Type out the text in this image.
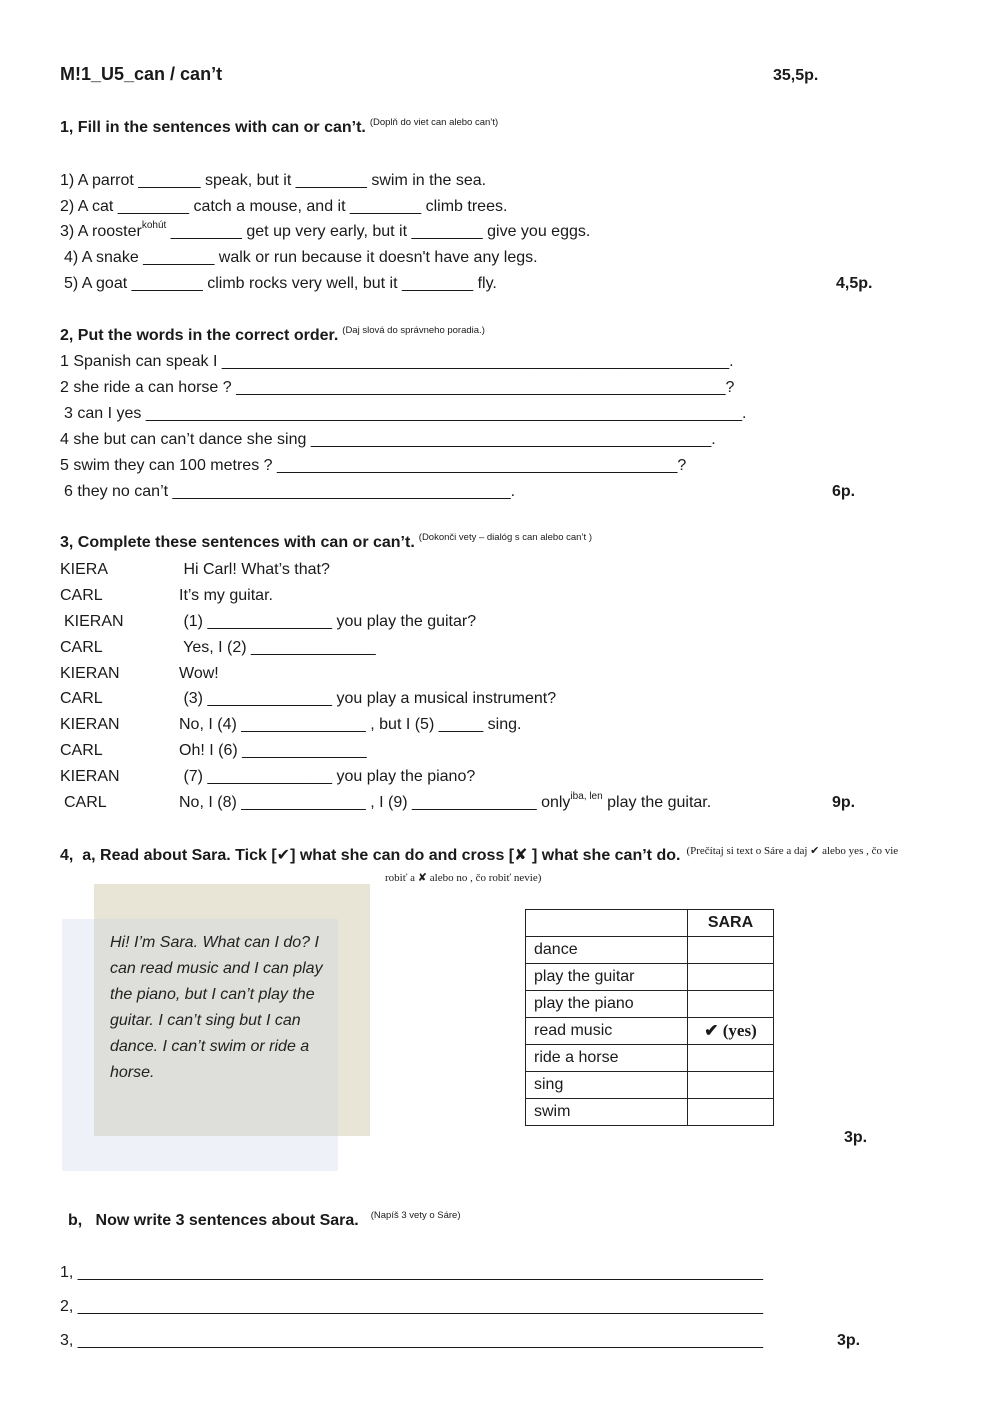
M!1_U5_can / can’t	35,5p.
1, Fill in the sentences with can or can’t. $^{(Doplň do viet can alebo can’t)}$
1) A parrot _______ speak, but it ________ swim in the sea.
2) A cat ________ catch a mouse, and it ________ climb trees.
3) A rooster$^{kohút}$ ________ get up very early, but it ________ give you eggs.
4) A snake ________ walk or run because it doesn't have any legs.
5) A goat ________ climb rocks very well, but it ________ fly.	4,5p.
2, Put the words in the correct order. $^{(Daj slová do správneho poradia.)}$
1 Spanish can speak I _________________________________________________________.
2 she ride a can horse ? _______________________________________________________?
3 can I yes ___________________________________________________________________.
4 she but can can’t dance she sing _____________________________________________.
5 swim they can 100 metres ? _____________________________________________?
6 they no can’t ______________________________________.	6p.
3, Complete these sentences with can or can’t. $^{(Dokonči vety - dialóg s can alebo can’t )}$
KIERA	Hi Carl! What’s that?
CARL	It’s my guitar.
KIERAN	(1) ______________ you play the guitar?
CARL	Yes, I (2) ______________
KIERAN	Wow!
CARL	(3) ______________ you play a musical instrument?
KIERAN	No, I (4) ______________ , but I (5) _____ sing.
CARL	Oh! I (6) ______________
KIERAN	(7) ______________ you play the piano?
CARL	No, I (8) ______________ , I (9) ______________ only$^{iba, len}$ play the guitar.	9p.
4,  a, Read about Sara. Tick [✔] what she can do and cross [✘ ] what she can’t do. $^{(Prečítaj si text o Sáre a daj ✔ alebo yes , čo vie}$
robiť a ✘ alebo no , čo robiť nevie)
Hi! I’m Sara. What can I do? I can read music and I can play the piano, but I can’t play the guitar. I can’t sing but I can dance. I can’t swim or ride a horse.
	SARA
dance	
play the guitar	
play the piano	
read music	✔ (yes)
ride a horse	
sing	
swim	
3p.
b,   Now write 3 sentences about Sara. $^{(Napíš 3 vety o Sáre)}$
1, _____________________________________________________________________________
2, _____________________________________________________________________________
3, _____________________________________________________________________________	3p.
